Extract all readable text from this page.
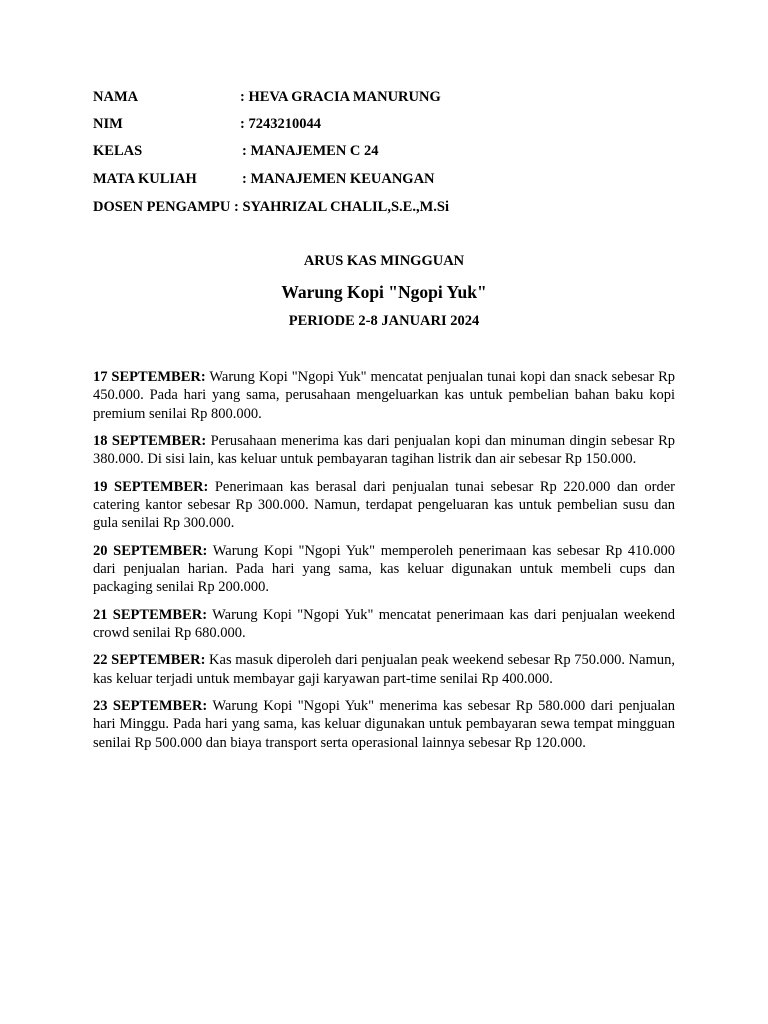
NAMA	: HEVA GRACIA MANURUNG
NIM	: 7243210044
KELAS	: MANAJEMEN C 24
MATA KULIAH	: MANAJEMEN KEUANGAN
DOSEN PENGAMPU : SYAHRIZAL CHALIL,S.E.,M.Si
ARUS KAS MINGGUAN
Warung Kopi "Ngopi Yuk"
PERIODE 2-8 JANUARI 2024

17 SEPTEMBER: Warung Kopi "Ngopi Yuk" mencatat penjualan tunai kopi dan snack sebesar Rp 450.000. Pada hari yang sama, perusahaan mengeluarkan kas untuk pembelian bahan baku kopi premium senilai Rp 800.000.

18 SEPTEMBER: Perusahaan menerima kas dari penjualan kopi dan minuman dingin sebesar Rp 380.000. Di sisi lain, kas keluar untuk pembayaran tagihan listrik dan air sebesar Rp 150.000.

19 SEPTEMBER: Penerimaan kas berasal dari penjualan tunai sebesar Rp 220.000 dan order catering kantor sebesar Rp 300.000. Namun, terdapat pengeluaran kas untuk pembelian susu dan gula senilai Rp 300.000.

20 SEPTEMBER: Warung Kopi "Ngopi Yuk" memperoleh penerimaan kas sebesar Rp 410.000 dari penjualan harian. Pada hari yang sama, kas keluar digunakan untuk membeli cups dan packaging senilai Rp 200.000.

21 SEPTEMBER: Warung Kopi "Ngopi Yuk" mencatat penerimaan kas dari penjualan weekend crowd senilai Rp 680.000.

22 SEPTEMBER: Kas masuk diperoleh dari penjualan peak weekend sebesar Rp 750.000. Namun, kas keluar terjadi untuk membayar gaji karyawan part-time senilai Rp 400.000.

23 SEPTEMBER: Warung Kopi "Ngopi Yuk" menerima kas sebesar Rp 580.000 dari penjualan hari Minggu. Pada hari yang sama, kas keluar digunakan untuk pembayaran sewa tempat mingguan senilai Rp 500.000 dan biaya transport serta operasional lainnya sebesar Rp 120.000.
